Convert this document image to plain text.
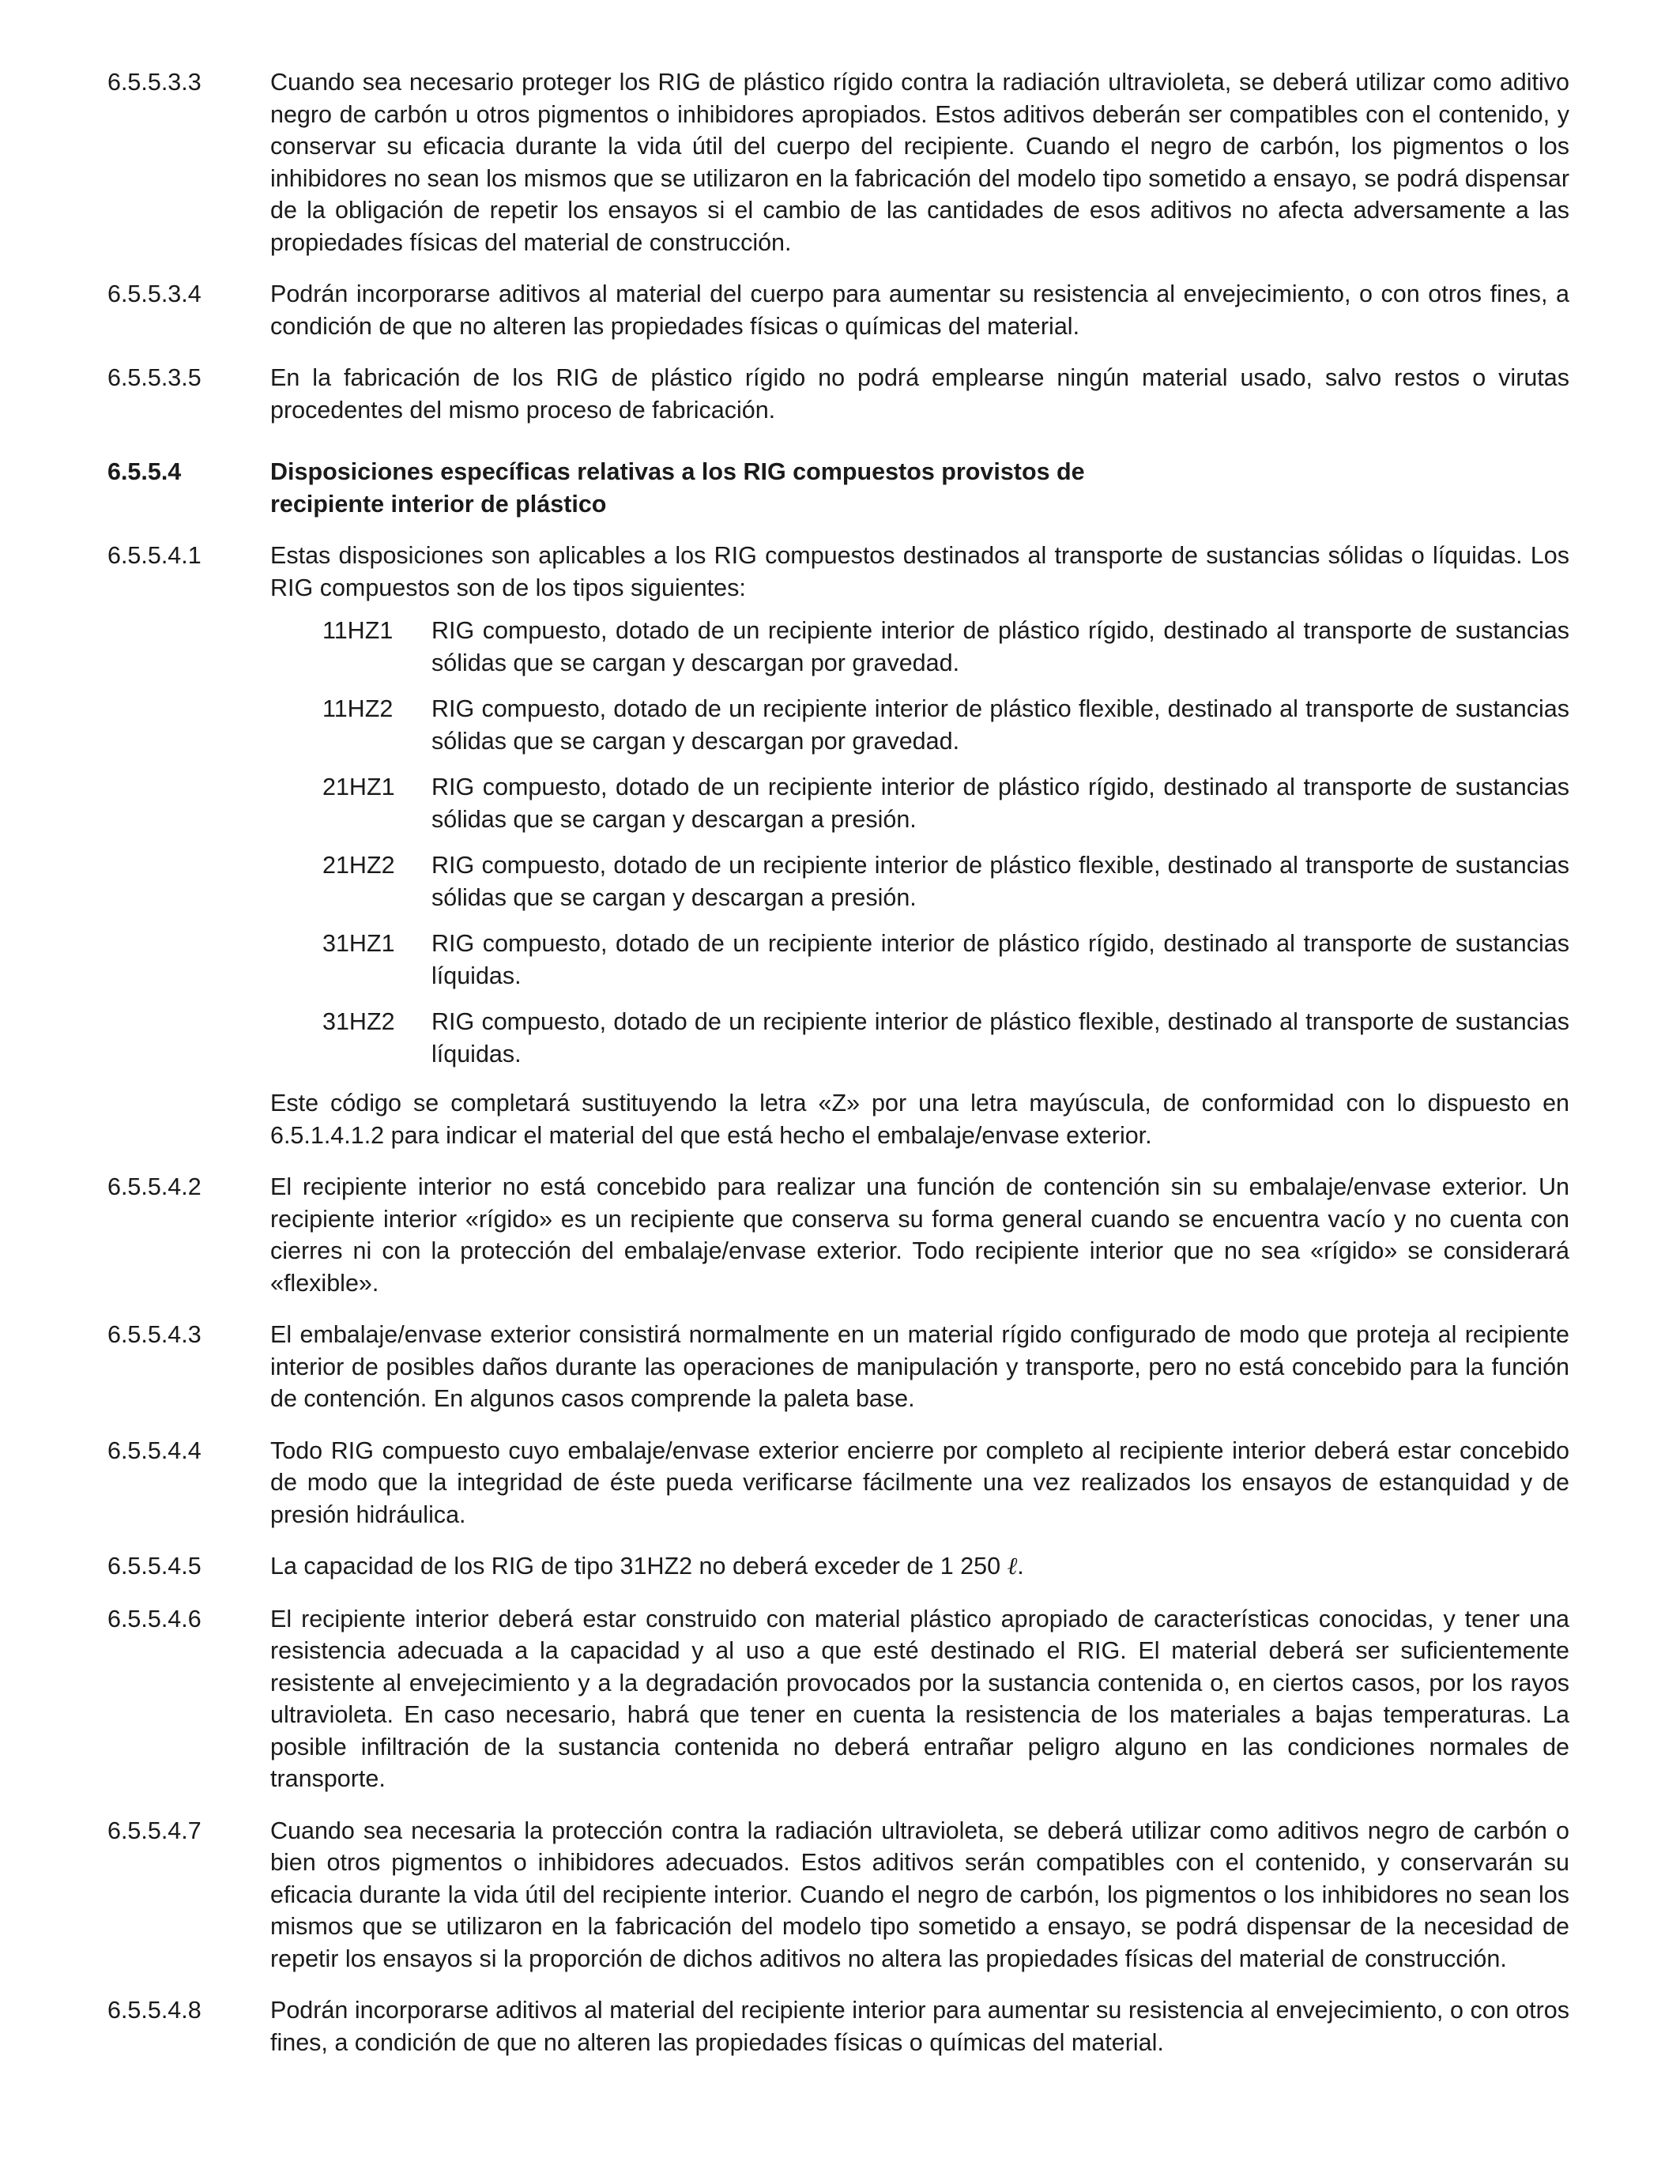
6.5.5.3.3	Cuando sea necesario proteger los RIG de plástico rígido contra la radiación ultravioleta, se deberá utilizar como aditivo negro de carbón u otros pigmentos o inhibidores apropiados. Estos aditivos deberán ser compatibles con el contenido, y conservar su eficacia durante la vida útil del cuerpo del recipiente. Cuando el negro de carbón, los pigmentos o los inhibidores no sean los mismos que se utilizaron en la fabricación del modelo tipo sometido a ensayo, se podrá dispensar de la obligación de repetir los ensayos si el cambio de las cantidades de esos aditivos no afecta adversamente a las propiedades físicas del material de construcción.
6.5.5.3.4	Podrán incorporarse aditivos al material del cuerpo para aumentar su resistencia al envejecimiento, o con otros fines, a condición de que no alteren las propiedades físicas o químicas del material.
6.5.5.3.5	En la fabricación de los RIG de plástico rígido no podrá emplearse ningún material usado, salvo restos o virutas procedentes del mismo proceso de fabricación.
6.5.5.4	Disposiciones específicas relativas a los RIG compuestos provistos de
recipiente interior de plástico
6.5.5.4.1	Estas disposiciones son aplicables a los RIG compuestos destinados al transporte de sustancias sólidas o líquidas. Los RIG compuestos son de los tipos siguientes:
11HZ1	RIG compuesto, dotado de un recipiente interior de plástico rígido, destinado al transporte de sustancias sólidas que se cargan y descargan por gravedad.
11HZ2	RIG compuesto, dotado de un recipiente interior de plástico flexible, destinado al transporte de sustancias sólidas que se cargan y descargan por gravedad.
21HZ1	RIG compuesto, dotado de un recipiente interior de plástico rígido, destinado al transporte de sustancias sólidas que se cargan y descargan a presión.
21HZ2	RIG compuesto, dotado de un recipiente interior de plástico flexible, destinado al transporte de sustancias sólidas que se cargan y descargan a presión.
31HZ1	RIG compuesto, dotado de un recipiente interior de plástico rígido, destinado al transporte de sustancias líquidas.
31HZ2	RIG compuesto, dotado de un recipiente interior de plástico flexible, destinado al transporte de sustancias líquidas.
Este código se completará sustituyendo la letra «Z» por una letra mayúscula, de conformidad con lo dispuesto en 6.5.1.4.1.2 para indicar el material del que está hecho el embalaje/envase exterior.
6.5.5.4.2	El recipiente interior no está concebido para realizar una función de contención sin su embalaje/envase exterior. Un recipiente interior «rígido» es un recipiente que conserva su forma general cuando se encuentra vacío y no cuenta con cierres ni con la protección del embalaje/envase exterior. Todo recipiente interior que no sea «rígido» se considerará «flexible».
6.5.5.4.3	El embalaje/envase exterior consistirá normalmente en un material rígido configurado de modo que proteja al recipiente interior de posibles daños durante las operaciones de manipulación y transporte, pero no está concebido para la función de contención. En algunos casos comprende la paleta base.
6.5.5.4.4	Todo RIG compuesto cuyo embalaje/envase exterior encierre por completo al recipiente interior deberá estar concebido de modo que la integridad de éste pueda verificarse fácilmente una vez realizados los ensayos de estanquidad y de presión hidráulica.
6.5.5.4.5	La capacidad de los RIG de tipo 31HZ2 no deberá exceder de 1 250 ℓ.
6.5.5.4.6	El recipiente interior deberá estar construido con material plástico apropiado de características conocidas, y tener una resistencia adecuada a la capacidad y al uso a que esté destinado el RIG. El material deberá ser suficientemente resistente al envejecimiento y a la degradación provocados por la sustancia contenida o, en ciertos casos, por los rayos ultravioleta. En caso necesario, habrá que tener en cuenta la resistencia de los materiales a bajas temperaturas. La posible infiltración de la sustancia contenida no deberá entrañar peligro alguno en las condiciones normales de transporte.
6.5.5.4.7	Cuando sea necesaria la protección contra la radiación ultravioleta, se deberá utilizar como aditivos negro de carbón o bien otros pigmentos o inhibidores adecuados. Estos aditivos serán compatibles con el contenido, y conservarán su eficacia durante la vida útil del recipiente interior. Cuando el negro de carbón, los pigmentos o los inhibidores no sean los mismos que se utilizaron en la fabricación del modelo tipo sometido a ensayo, se podrá dispensar de la necesidad de repetir los ensayos si la proporción de dichos aditivos no altera las propiedades físicas del material de construcción.
6.5.5.4.8	Podrán incorporarse aditivos al material del recipiente interior para aumentar su resistencia al envejecimiento, o con otros fines, a condición de que no alteren las propiedades físicas o químicas del material.
